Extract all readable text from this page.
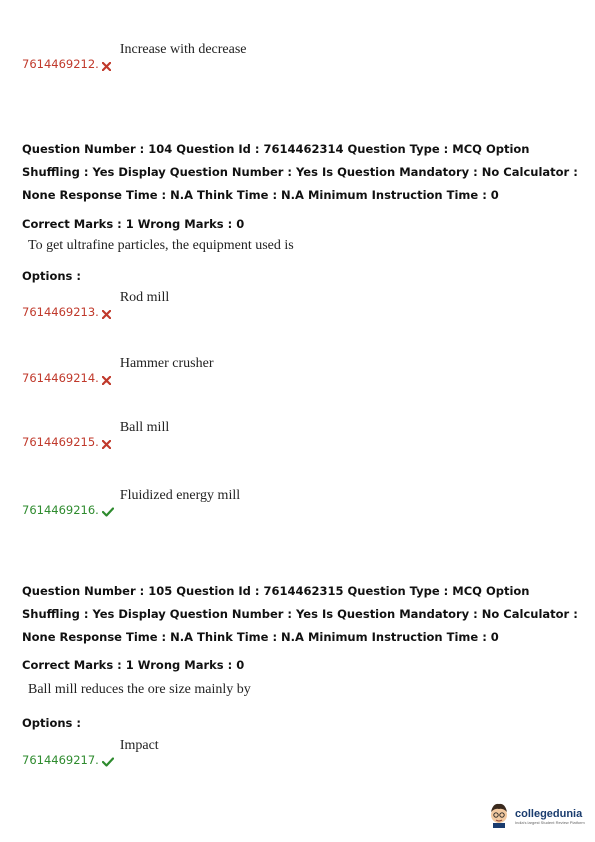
7614469212.
Increase with decrease
Question Number : 104 Question Id : 7614462314 Question Type : MCQ Option Shuffling : Yes Display Question Number : Yes Is Question Mandatory : No Calculator : None Response Time : N.A Think Time : N.A Minimum Instruction Time : 0
Correct Marks : 1 Wrong Marks : 0
To get ultrafine particles, the equipment used is
Options :
7614469213.
Rod mill
7614469214.
Hammer crusher
7614469215.
Ball mill
7614469216.
Fluidized energy mill
Question Number : 105 Question Id : 7614462315 Question Type : MCQ Option Shuffling : Yes Display Question Number : Yes Is Question Mandatory : No Calculator : None Response Time : N.A Think Time : N.A Minimum Instruction Time : 0
Correct Marks : 1 Wrong Marks : 0
Ball mill reduces the ore size mainly by
Options :
7614469217.
Impact
collegedunia
India's largest Student Review Platform
